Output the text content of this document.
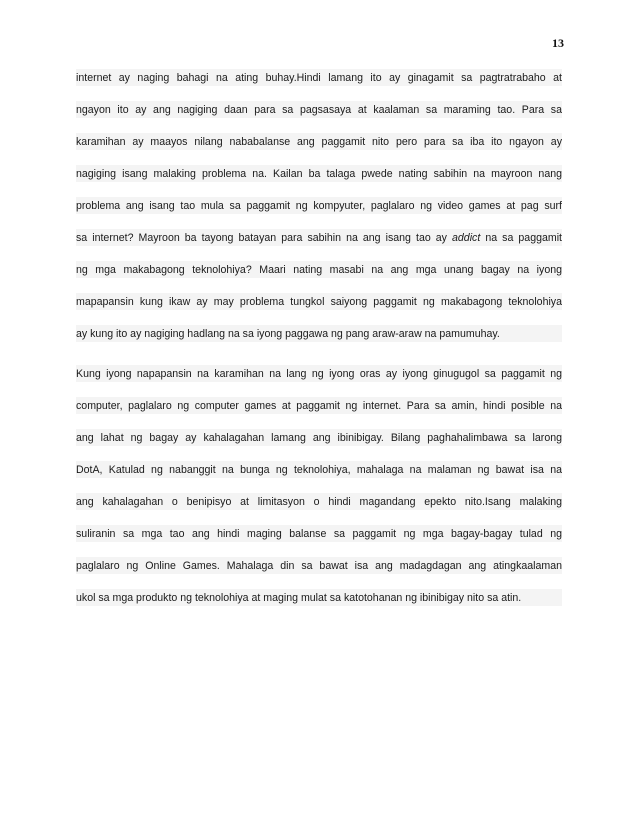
13
internet ay naging bahagi na ating buhay.Hindi lamang ito ay ginagamit sa pagtratrabaho at
ngayon ito ay ang nagiging daan para sa pagsasaya at kaalaman sa maraming tao. Para sa
karamihan ay maayos nilang nababalanse ang paggamit nito pero para sa iba ito ngayon ay
nagiging isang malaking problema na. Kailan ba talaga pwede nating sabihin na mayroon nang
problema ang isang tao mula sa paggamit ng kompyuter, paglalaro ng video games at pag surf
sa internet? Mayroon ba tayong batayan para sabihin na ang isang tao ay addict na sa paggamit
ng mga makabagong teknolohiya? Maari nating masabi na ang mga unang bagay na iyong
mapapansin kung ikaw ay may problema tungkol saiyong paggamit ng makabagong teknolohiya
ay kung ito ay nagiging hadlang na sa iyong paggawa ng pang araw-araw na pamumuhay.
Kung iyong napapansin na karamihan na lang ng iyong oras ay iyong ginugugol sa paggamit ng
computer, paglalaro ng computer games at paggamit ng internet. Para sa amin, hindi posible na
ang lahat ng bagay ay kahalagahan lamang ang ibinibigay. Bilang paghahalimbawa sa larong
DotA, Katulad ng nabanggit na bunga ng teknolohiya, mahalaga na malaman ng bawat isa na
ang kahalagahan o benipisyo at limitasyon o hindi magandang epekto nito.Isang malaking
suliranin sa mga tao ang hindi maging balanse sa paggamit ng mga bagay-bagay tulad ng
paglalaro ng Online Games. Mahalaga din sa bawat isa ang madagdagan ang atingkaalaman
ukol sa mga produkto ng teknolohiya at maging mulat sa katotohanan ng ibinibigay nito sa atin.
